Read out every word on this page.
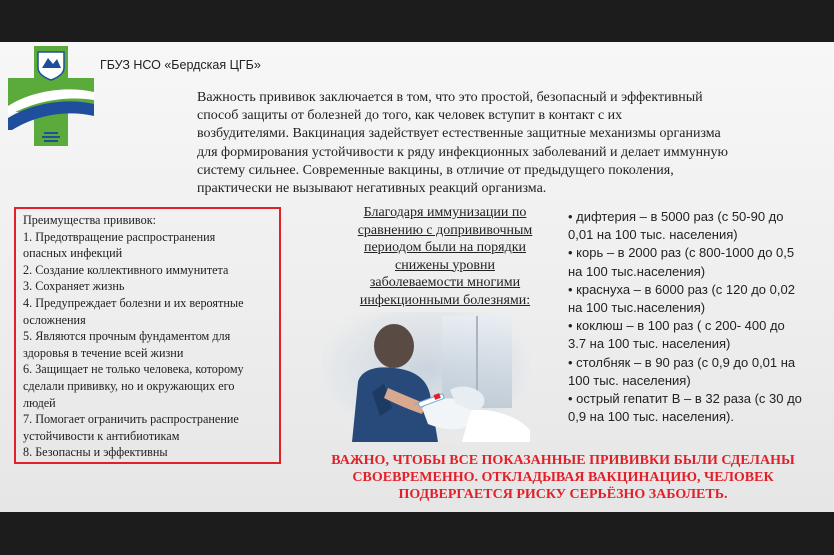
ГБУЗ НСО «Бердская ЦГБ»
Важность прививок заключается в том, что это простой, безопасный и эффективный
способ защиты от болезней до того, как человек вступит в контакт с их
возбудителями. Вакцинация задействует естественные защитные механизмы организма
для формирования устойчивости к ряду инфекционных заболеваний и делает иммунную
систему сильнее. Современные вакцины, в отличие от предыдущего поколения,
практически не вызывают негативных реакций организма.
Преимущества прививок:
1. Предотвращение распространения
опасных инфекций
2. Создание коллективного иммунитета
3. Сохраняет жизнь
4. Предупреждает болезни и их вероятные
осложнения
5. Являются прочным фундаментом для
здоровья в течение всей жизни
6. Защищает не только человека, которому
сделали прививку, но и окружающих его
людей
7. Помогает ограничить распространение
устойчивости к антибиотикам
8. Безопасны и эффективны
Благодаря иммунизации по
сравнению с допрививочным
периодом были на порядки
снижены уровни
заболеваемости многими
инфекционными болезнями:
• дифтерия – в 5000 раз (с 50-90 до
0,01 на 100 тыс. населения)
• корь – в 2000 раз (с 800-1000 до 0,5
на 100 тыс.населения)
• краснуха – в 6000 раз (с 120 до 0,02
на 100 тыс.населения)
• коклюш – в 100 раз ( с 200- 400 до
3.7 на 100 тыс. населения)
• столбняк – в 90 раз (с 0,9 до 0,01 на
100 тыс. населения)
• острый гепатит В – в 32 раза (с 30 до
0,9 на 100 тыс. населения).
ВАЖНО, ЧТОБЫ ВСЕ ПОКАЗАННЫЕ ПРИВИВКИ БЫЛИ СДЕЛАНЫ
СВОЕВРЕМЕННО. ОТКЛАДЫВАЯ ВАКЦИНАЦИЮ, ЧЕЛОВЕК
ПОДВЕРГАЕТСЯ РИСКУ СЕРЬЁЗНО ЗАБОЛЕТЬ.
